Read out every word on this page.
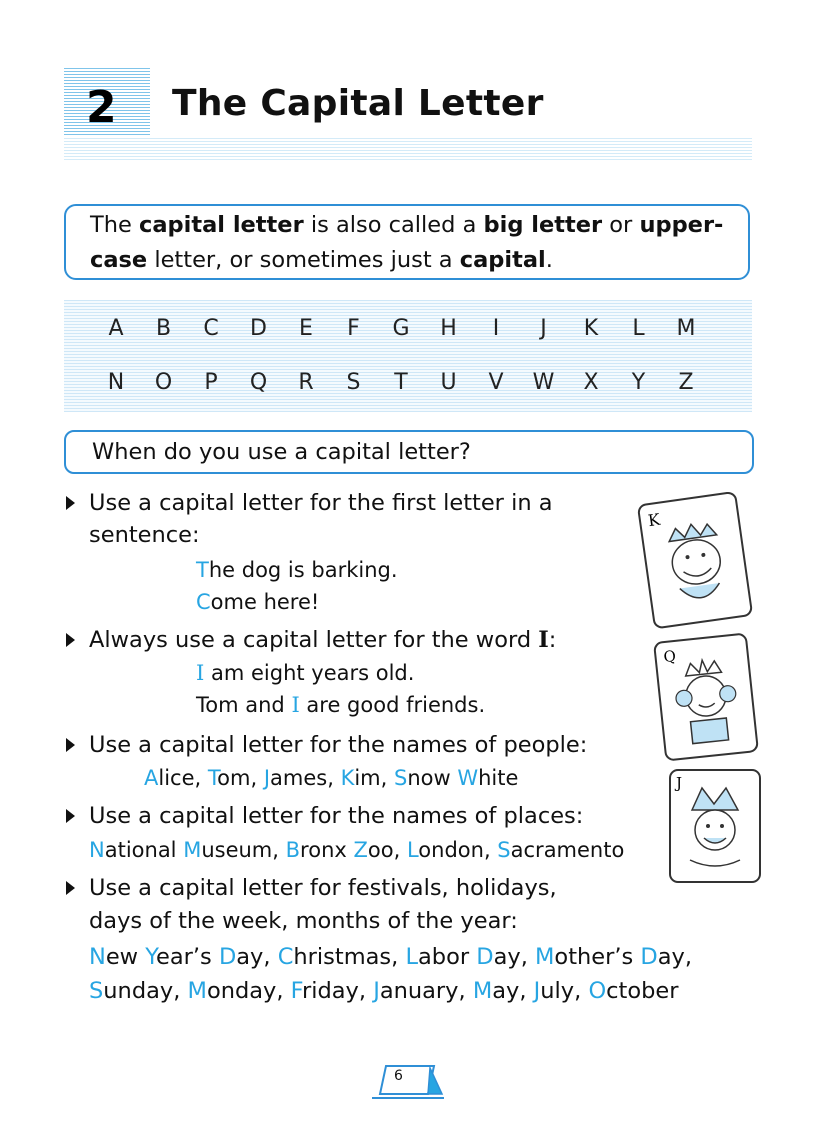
2 The Capital Letter
The capital letter is also called a big letter or upper-
case letter, or sometimes just a capital.
A	B	C	D	E	F	G	H	I	J	K	L	M
N	O	P	Q	R	S	T	U	V	W	X	Y	Z
When do you use a capital letter?
Use a capital letter for the first letter in a
sentence:
The dog is barking.
Come here!
Always use a capital letter for the word I:
I am eight years old.
Tom and I are good friends.
Use a capital letter for the names of people:
Alice, Tom, James, Kim, Snow White
Use a capital letter for the names of places:
National Museum, Bronx Zoo, London, Sacramento
Use a capital letter for festivals, holidays,
days of the week, months of the year:
New Year’s Day, Christmas, Labor Day, Mother’s Day,
Sunday, Monday, Friday, January, May, July, October
K
Q
J
6
